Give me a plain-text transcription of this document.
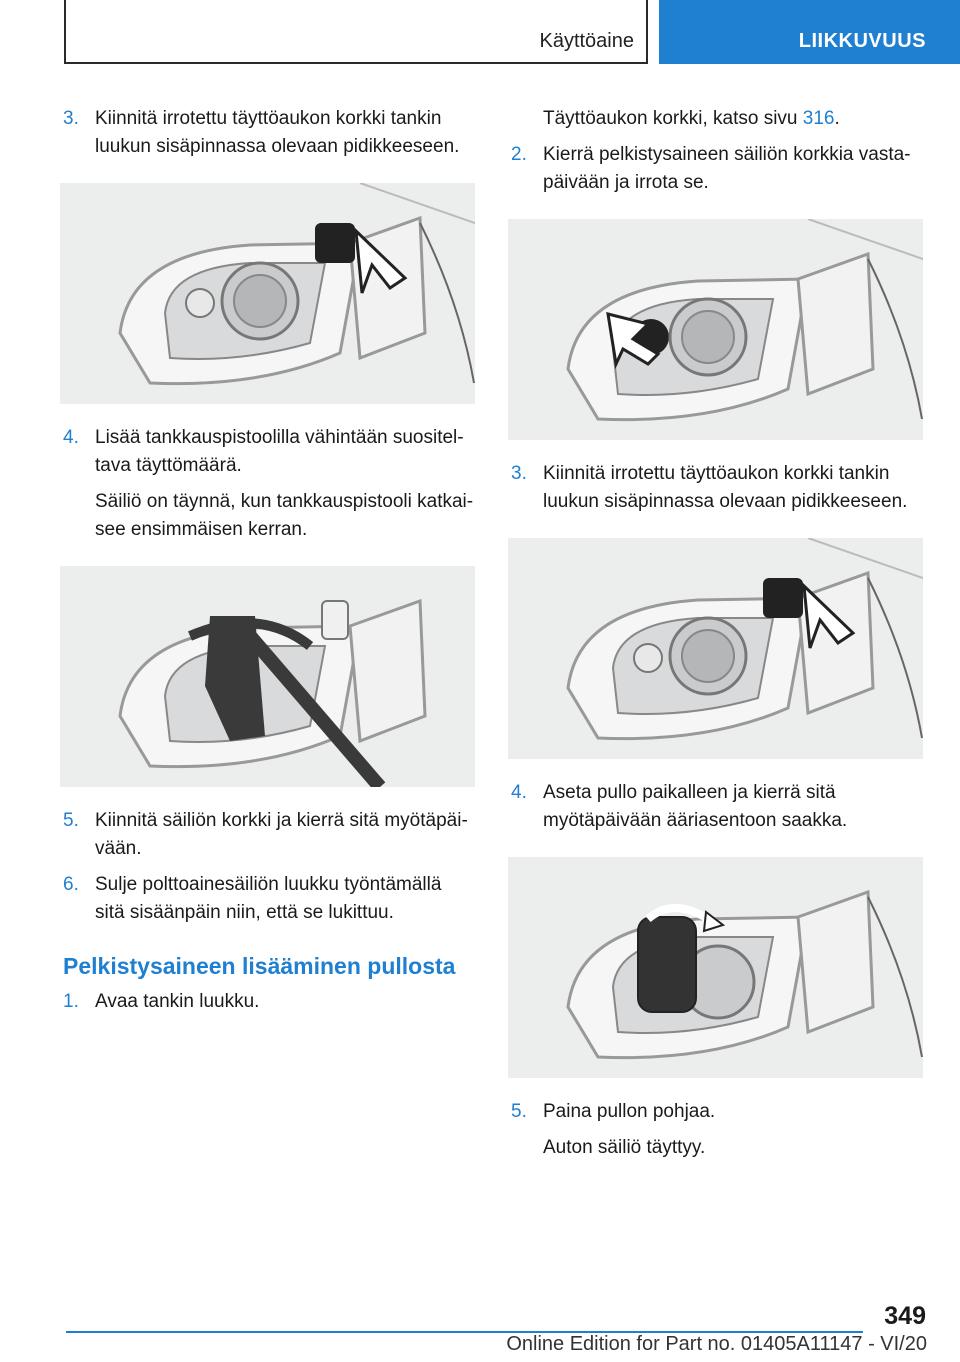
Käyttöaine	LIIKKUVUUS
3. Kiinnitä irrotettu täyttöaukon korkki tankin luukun sisäpinnassa olevaan pidikkeeseen.
4. Lisää tankkauspistoolilla vähintään suositeltava täyttömäärä.
Säiliö on täynnä, kun tankkauspistooli katkaisee ensimmäisen kerran.
5. Kiinnitä säiliön korkki ja kierrä sitä myötäpäivään.
6. Sulje polttoainesäiliön luukku työntämällä sitä sisäänpäin niin, että se lukittuu.
Pelkistysaineen lisääminen pullosta
1. Avaa tankin luukku.
Täyttöaukon korkki, katso sivu 316.
2. Kierrä pelkistysaineen säiliön korkkia vastapäivään ja irrota se.
3. Kiinnitä irrotettu täyttöaukon korkki tankin luukun sisäpinnassa olevaan pidikkeeseen.
4. Aseta pullo paikalleen ja kierrä sitä myötäpäivään ääriasentoon saakka.
5. Paina pullon pohjaa.
Auton säiliö täyttyy.
349
Online Edition for Part no. 01405A11147 - VI/20
